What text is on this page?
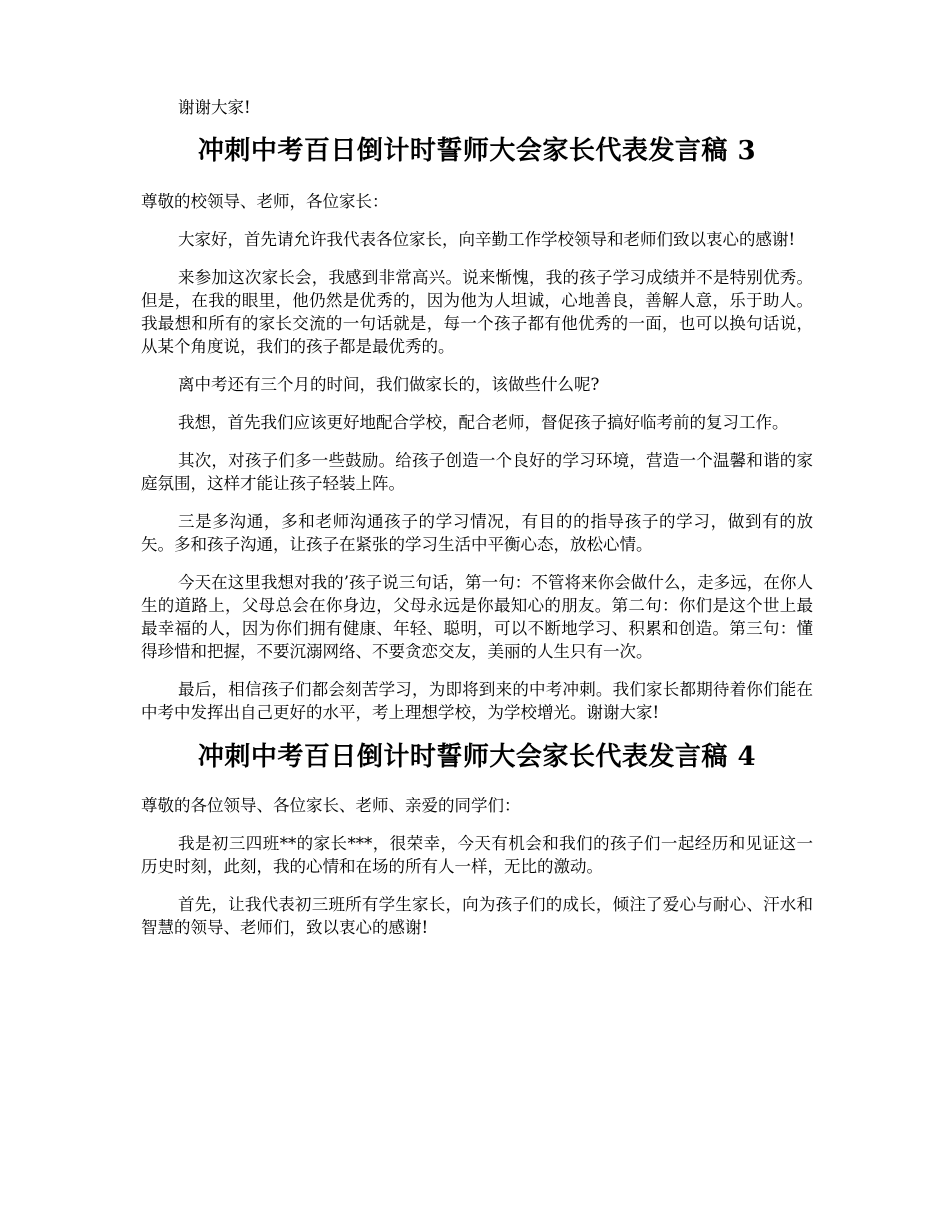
谢谢大家!

冲刺中考百日倒计时誓师大会家长代表发言稿 3

尊敬的校领导、老师，各位家长：

大家好，首先请允许我代表各位家长，向辛勤工作学校领导和老师们致以衷心的感谢!

来参加这次家长会，我感到非常高兴。说来惭愧，我的孩子学习成绩并不是特别优秀。但是，在我的眼里，他仍然是优秀的，因为他为人坦诚，心地善良，善解人意，乐于助人。我最想和所有的家长交流的一句话就是，每一个孩子都有他优秀的一面，也可以换句话说，从某个角度说，我们的孩子都是最优秀的。

离中考还有三个月的时间，我们做家长的，该做些什么呢?

我想，首先我们应该更好地配合学校，配合老师，督促孩子搞好临考前的复习工作。

其次，对孩子们多一些鼓励。给孩子创造一个良好的学习环境，营造一个温馨和谐的家庭氛围，这样才能让孩子轻装上阵。

三是多沟通，多和老师沟通孩子的学习情况，有目的的指导孩子的学习，做到有的放矢。多和孩子沟通，让孩子在紧张的学习生活中平衡心态，放松心情。

今天在这里我想对我的’孩子说三句话，第一句：不管将来你会做什么，走多远，在你人生的道路上，父母总会在你身边，父母永远是你最知心的朋友。第二句：你们是这个世上最最幸福的人，因为你们拥有健康、年轻、聪明，可以不断地学习、积累和创造。第三句：懂得珍惜和把握，不要沉溺网络、不要贪恋交友，美丽的人生只有一次。

最后，相信孩子们都会刻苦学习，为即将到来的中考冲刺。我们家长都期待着你们能在中考中发挥出自己更好的水平，考上理想学校，为学校增光。谢谢大家!

冲刺中考百日倒计时誓师大会家长代表发言稿 4

尊敬的各位领导、各位家长、老师、亲爱的同学们：

我是初三四班**的家长***，很荣幸，今天有机会和我们的孩子们一起经历和见证这一历史时刻，此刻，我的心情和在场的所有人一样，无比的激动。

首先，让我代表初三班所有学生家长，向为孩子们的成长，倾注了爱心与耐心、汗水和智慧的领导、老师们，致以衷心的感谢!
